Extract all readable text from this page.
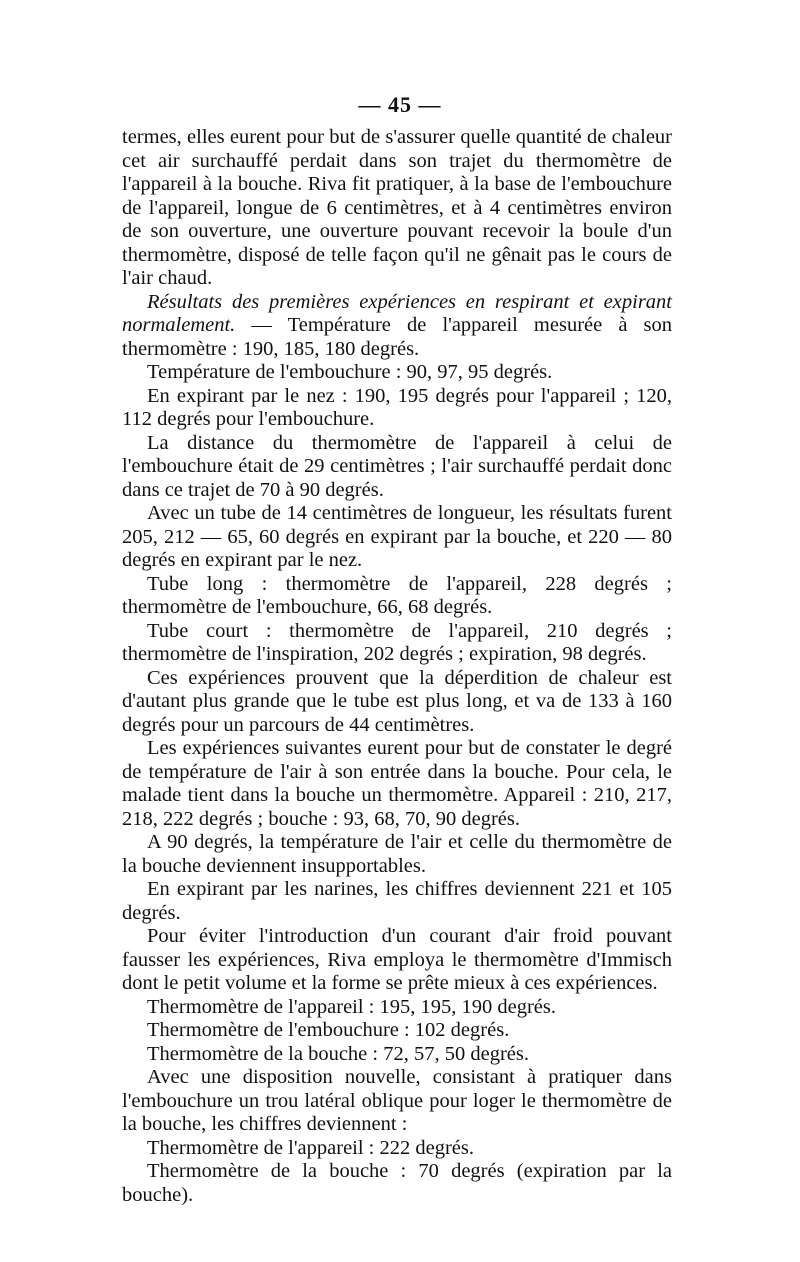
— 45 —

termes, elles eurent pour but de s'assurer quelle quantité de chaleur cet air surchauffé perdait dans son trajet du thermomètre de l'appareil à la bouche. Riva fit pratiquer, à la base de l'embouchure de l'appareil, longue de 6 centimètres, et à 4 centimètres environ de son ouverture, une ouverture pouvant recevoir la boule d'un thermomètre, disposé de telle façon qu'il ne gênait pas le cours de l'air chaud.

Résultats des premières expériences en respirant et expirant normalement. — Température de l'appareil mesurée à son thermomètre : 190, 185, 180 degrés.

Température de l'embouchure : 90, 97, 95 degrés.

En expirant par le nez : 190, 195 degrés pour l'appareil ; 120, 112 degrés pour l'embouchure.

La distance du thermomètre de l'appareil à celui de l'embouchure était de 29 centimètres ; l'air surchauffé perdait donc dans ce trajet de 70 à 90 degrés.

Avec un tube de 14 centimètres de longueur, les résultats furent 205, 212 — 65, 60 degrés en expirant par la bouche, et 220 — 80 degrés en expirant par le nez.

Tube long : thermomètre de l'appareil, 228 degrés ; thermomètre de l'embouchure, 66, 68 degrés.

Tube court : thermomètre de l'appareil, 210 degrés ; thermomètre de l'inspiration, 202 degrés ; expiration, 98 degrés.

Ces expériences prouvent que la déperdition de chaleur est d'autant plus grande que le tube est plus long, et va de 133 à 160 degrés pour un parcours de 44 centimètres.

Les expériences suivantes eurent pour but de constater le degré de température de l'air à son entrée dans la bouche. Pour cela, le malade tient dans la bouche un thermomètre. Appareil : 210, 217, 218, 222 degrés ; bouche : 93, 68, 70, 90 degrés.

A 90 degrés, la température de l'air et celle du thermomètre de la bouche deviennent insupportables.

En expirant par les narines, les chiffres deviennent 221 et 105 degrés.

Pour éviter l'introduction d'un courant d'air froid pouvant fausser les expériences, Riva employa le thermomètre d'Immisch dont le petit volume et la forme se prête mieux à ces expériences.

Thermomètre de l'appareil : 195, 195, 190 degrés.

Thermomètre de l'embouchure : 102 degrés.

Thermomètre de la bouche : 72, 57, 50 degrés.

Avec une disposition nouvelle, consistant à pratiquer dans l'embouchure un trou latéral oblique pour loger le thermomètre de la bouche, les chiffres deviennent :

Thermomètre de l'appareil : 222 degrés.

Thermomètre de la bouche : 70 degrés (expiration par la bouche).
